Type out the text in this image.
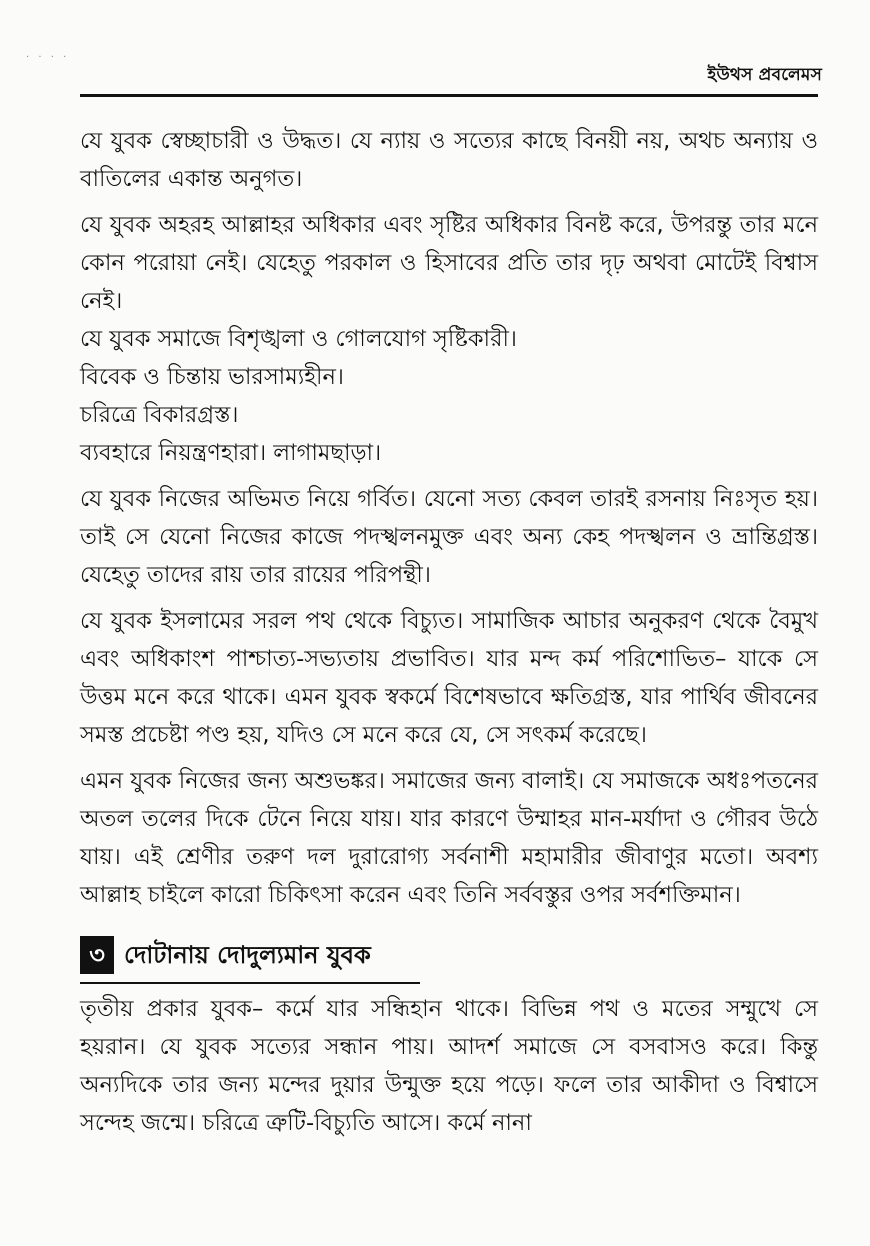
· · · ·
ইউথস প্রবলেমস

যে যুবক স্বেচ্ছাচারী ও উদ্ধত। যে ন্যায় ও সত্যের কাছে বিনয়ী নয়, অথচ অন্যায় ও বাতিলের একান্ত অনুগত।

যে যুবক অহরহ আল্লাহর অধিকার এবং সৃষ্টির অধিকার বিনষ্ট করে, উপরন্তু তার মনে কোন পরোয়া নেই। যেহেতু পরকাল ও হিসাবের প্রতি তার দৃঢ় অথবা মোটেই বিশ্বাস নেই।

যে যুবক সমাজে বিশৃঙ্খলা ও গোলযোগ সৃষ্টিকারী।

বিবেক ও চিন্তায় ভারসাম্যহীন।

চরিত্রে বিকারগ্রস্ত।

ব্যবহারে নিয়ন্ত্রণহারা। লাগামছাড়া।

যে যুবক নিজের অভিমত নিয়ে গর্বিত। যেনো সত্য কেবল তারই রসনায় নিঃসৃত হয়। তাই সে যেনো নিজের কাজে পদস্খলনমুক্ত এবং অন্য কেহ পদস্খলন ও ভ্রান্তিগ্রস্ত। যেহেতু তাদের রায় তার রায়ের পরিপন্থী।

যে যুবক ইসলামের সরল পথ থেকে বিচ্যুত। সামাজিক আচার অনুকরণ থেকে বৈমুখ এবং অধিকাংশ পাশ্চাত্য-সভ্যতায় প্রভাবিত। যার মন্দ কর্ম পরিশোভিত– যাকে সে উত্তম মনে করে থাকে। এমন যুবক স্বকর্মে বিশেষভাবে ক্ষতিগ্রস্ত, যার পার্থিব জীবনের সমস্ত প্রচেষ্টা পণ্ড হয়, যদিও সে মনে করে যে, সে সৎকর্ম করেছে।

এমন যুবক নিজের জন্য অশুভঙ্কর। সমাজের জন্য বালাই। যে সমাজকে অধঃপতনের অতল তলের দিকে টেনে নিয়ে যায়। যার কারণে উম্মাহর মান-মর্যাদা ও গৌরব উঠে যায়। এই শ্রেণীর তরুণ দল দুরারোগ্য সর্বনাশী মহামারীর জীবাণুর মতো। অবশ্য আল্লাহ চাইলে কারো চিকিৎসা করেন এবং তিনি সর্ববস্তুর ওপর সর্বশক্তিমান।

৩ দোটানায় দোদুল্যমান যুবক

তৃতীয় প্রকার যুবক– কর্মে যার সন্ধিহান থাকে। বিভিন্ন পথ ও মতের সম্মুখে সে হয়রান। যে যুবক সত্যের সন্ধান পায়। আদর্শ সমাজে সে বসবাসও করে। কিন্তু অন্যদিকে তার জন্য মন্দের দুয়ার উন্মুক্ত হয়ে পড়ে। ফলে তার আকীদা ও বিশ্বাসে সন্দেহ জন্মে। চরিত্রে ত্রুটি-বিচ্যুতি আসে। কর্মে নানা
